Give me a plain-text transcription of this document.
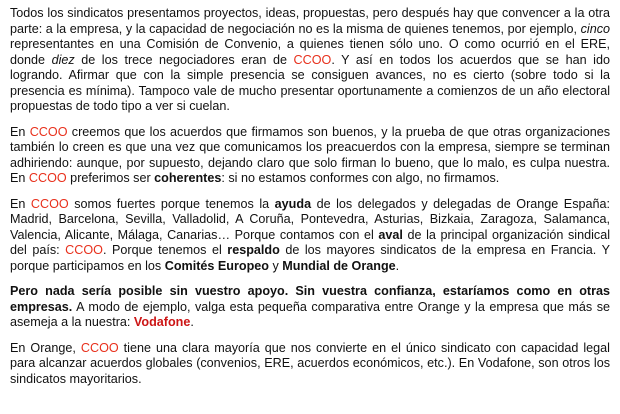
Todos los sindicatos presentamos proyectos, ideas, propuestas, pero después hay que convencer a la otra parte: a la empresa, y la capacidad de negociación no es la misma de quienes tenemos, por ejemplo, cinco representantes en una Comisión de Convenio, a quienes tienen sólo uno. O como ocurrió en el ERE, donde diez de los trece negociadores eran de CCOO. Y así en todos los acuerdos que se han ido logrando. Afirmar que con la simple presencia se consiguen avances, no es cierto (sobre todo si la presencia es mínima). Tampoco vale de mucho presentar oportunamente a comienzos de un año electoral propuestas de todo tipo a ver si cuelan.

En CCOO creemos que los acuerdos que firmamos son buenos, y la prueba de que otras organizaciones también lo creen es que una vez que comunicamos los preacuerdos con la empresa, siempre se terminan adhiriendo: aunque, por supuesto, dejando claro que solo firman lo bueno, que lo malo, es culpa nuestra. En CCOO preferimos ser coherentes: si no estamos conformes con algo, no firmamos.

En CCOO somos fuertes porque tenemos la ayuda de los delegados y delegadas de Orange España: Madrid, Barcelona, Sevilla, Valladolid, A Coruña, Pontevedra, Asturias, Bizkaia, Zaragoza, Salamanca, Valencia, Alicante, Málaga, Canarias… Porque contamos con el aval de la principal organización sindical del país: CCOO. Porque tenemos el respaldo de los mayores sindicatos de la empresa en Francia. Y porque participamos en los Comités Europeo y Mundial de Orange.

Pero nada sería posible sin vuestro apoyo. Sin vuestra confianza, estaríamos como en otras empresas. A modo de ejemplo, valga esta pequeña comparativa entre Orange y la empresa que más se asemeja a la nuestra: Vodafone.

En Orange, CCOO tiene una clara mayoría que nos convierte en el único sindicato con capacidad legal para alcanzar acuerdos globales (convenios, ERE, acuerdos económicos, etc.). En Vodafone, son otros los sindicatos mayoritarios.
